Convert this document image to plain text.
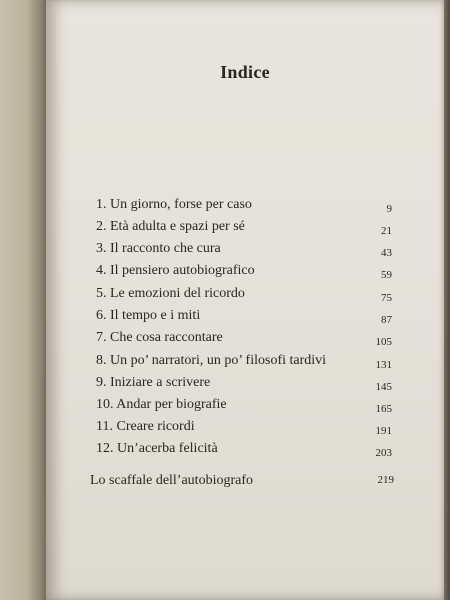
Indice
1. Un giorno, forse per caso	9
2. Età adulta e spazi per sé	21
3. Il racconto che cura	43
4. Il pensiero autobiografico	59
5. Le emozioni del ricordo	75
6. Il tempo e i miti	87
7. Che cosa raccontare	105
8. Un po’ narratori, un po’ filosofi tardivi	131
9. Iniziare a scrivere	145
10. Andar per biografie	165
11. Creare ricordi	191
12. Un’acerba felicità	203
Lo scaffale dell’autobiografo	219
